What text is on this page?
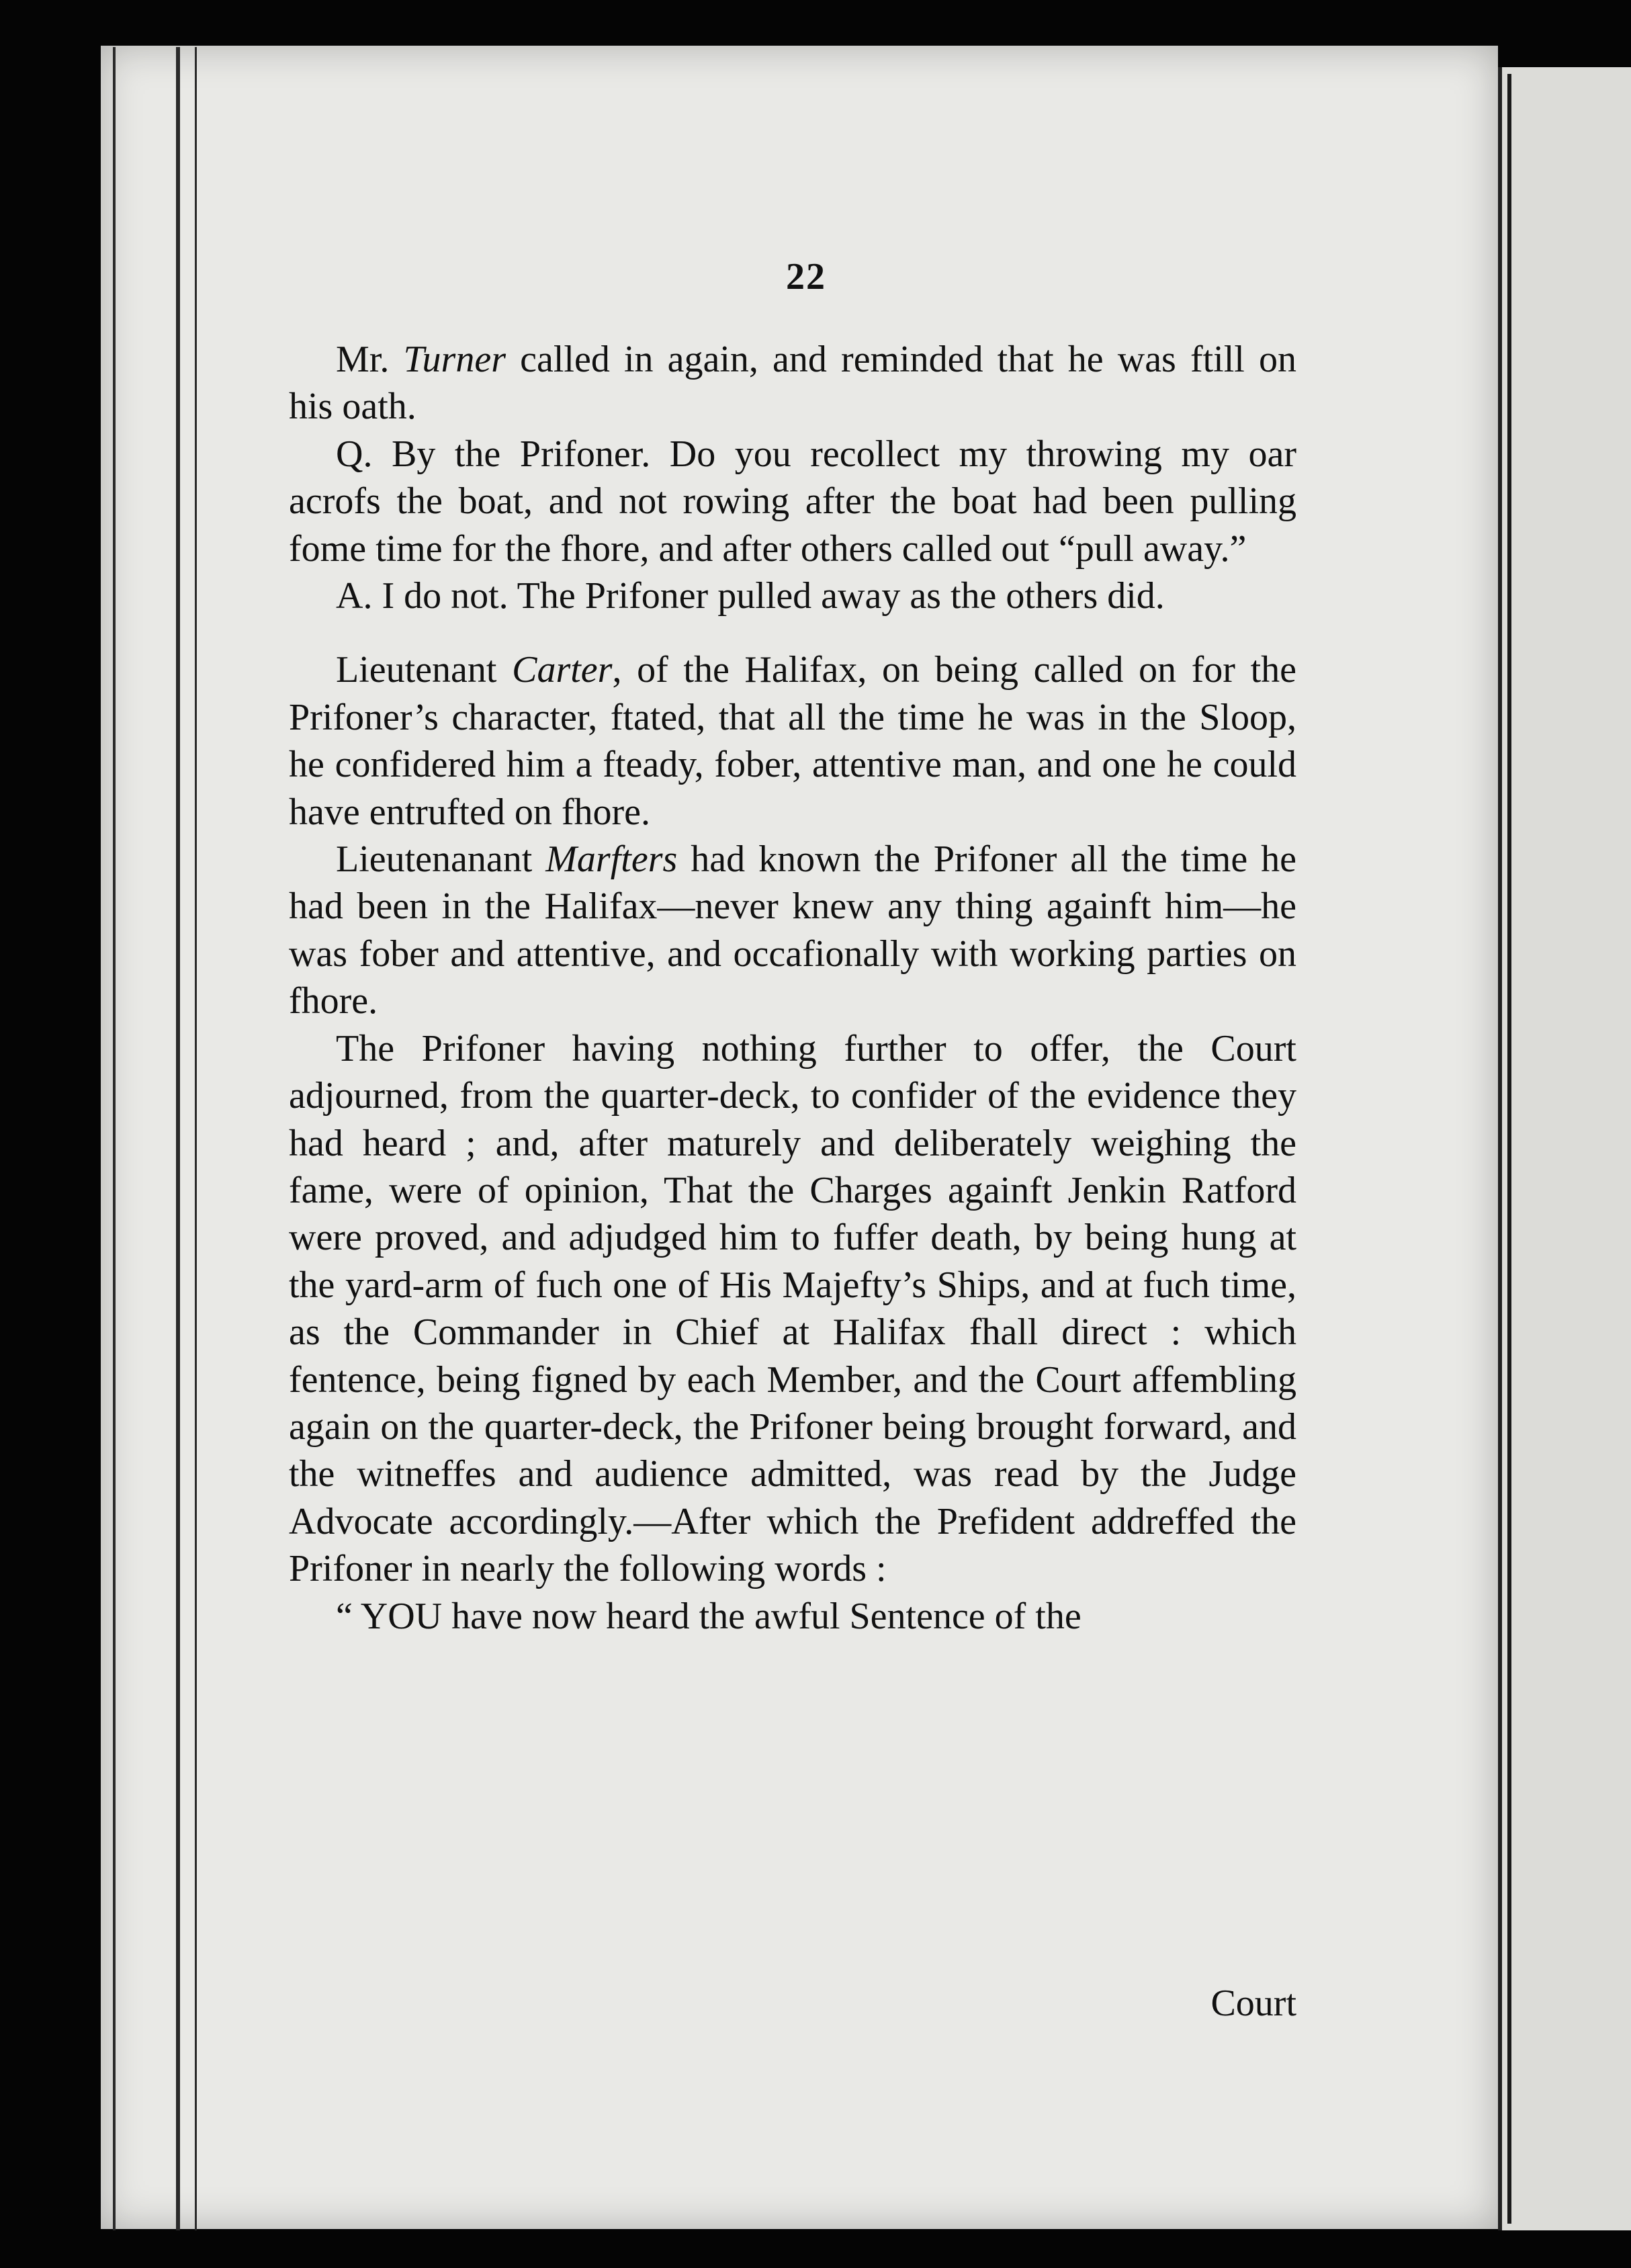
22

Mr. Turner called in again, and reminded that he was ftill on his oath.

Q. By the Prifoner. Do you recollect my throwing my oar acrofs the boat, and not rowing after the boat had been pulling fome time for the fhore, and after others called out “pull away.”

A. I do not. The Prifoner pulled away as the others did.

Lieutenant Carter, of the Halifax, on being called on for the Prifoner’s character, ftated, that all the time he was in the Sloop, he confidered him a fteady, fober, attentive man, and one he could have entrufted on fhore.

Lieutenanant Marfters had known the Prifoner all the time he had been in the Halifax—never knew any thing againft him—he was fober and attentive, and occafionally with working parties on fhore.

The Prifoner having nothing further to offer, the Court adjourned, from the quarter-deck, to confider of the evidence they had heard ; and, after maturely and deliberately weighing the fame, were of opinion, That the Charges againft Jenkin Ratford were proved, and adjudged him to fuffer death, by being hung at the yard-arm of fuch one of His Majefty’s Ships, and at fuch time, as the Commander in Chief at Halifax fhall direct : which fentence, being figned by each Member, and the Court affembling again on the quarter-deck, the Prifoner being brought forward, and the witneffes and audience admitted, was read by the Judge Advocate accordingly.—After which the Prefident addreffed the Prifoner in nearly the following words :

“ YOU have now heard the awful Sentence of the

Court
